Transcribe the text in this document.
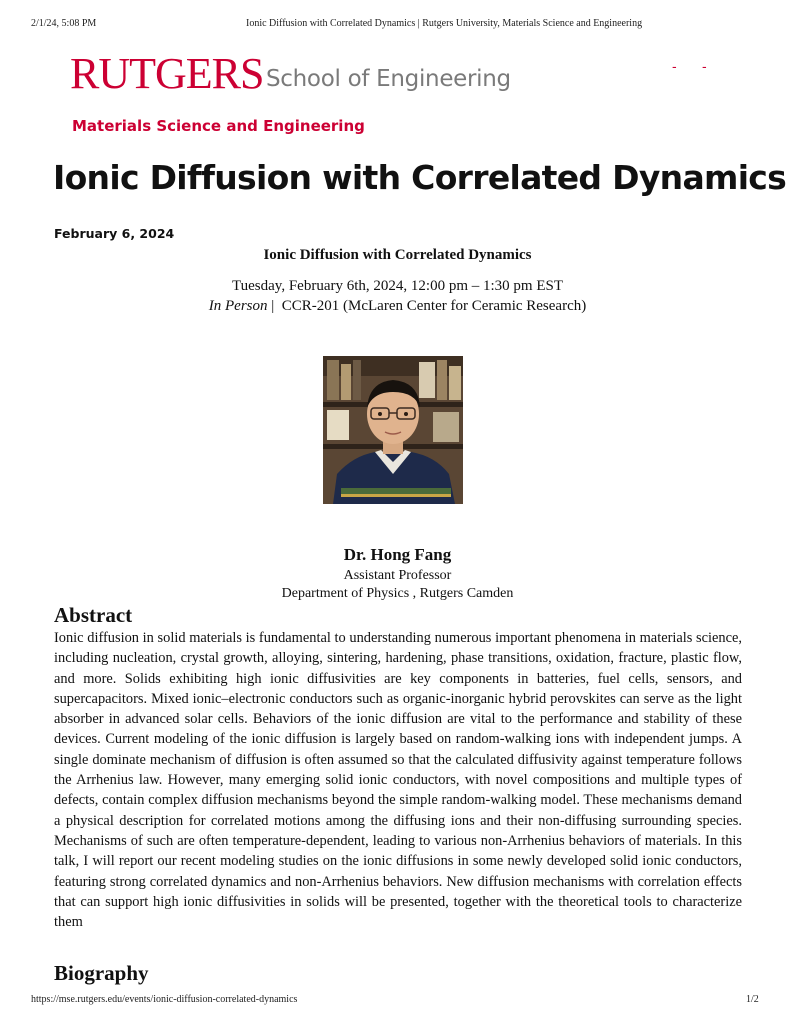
2/1/24, 5:08 PM	Ionic Diffusion with Correlated Dynamics | Rutgers University, Materials Science and Engineering
RUTGERS School of Engineering	- -
Materials Science and Engineering
Ionic Diffusion with Correlated Dynamics
February 6, 2024
Ionic Diffusion with Correlated Dynamics
Tuesday, February 6th, 2024, 12:00 pm – 1:30 pm EST
In Person | CCR-201 (McLaren Center for Ceramic Research)
Dr. Hong Fang
Assistant Professor
Department of Physics , Rutgers Camden
Abstract
Ionic diffusion in solid materials is fundamental to understanding numerous important phenomena in materials science, including nucleation, crystal growth, alloying, sintering, hardening, phase transitions, oxidation, fracture, plastic flow, and more. Solids exhibiting high ionic diffusivities are key components in batteries, fuel cells, sensors, and supercapacitors. Mixed ionic–electronic conductors such as organic-inorganic hybrid perovskites can serve as the light absorber in advanced solar cells. Behaviors of the ionic diffusion are vital to the performance and stability of these devices. Current modeling of the ionic diffusion is largely based on random-walking ions with independent jumps. A single dominate mechanism of diffusion is often assumed so that the calculated diffusivity against temperature follows the Arrhenius law. However, many emerging solid ionic conductors, with novel compositions and multiple types of defects, contain complex diffusion mechanisms beyond the simple random-walking model. These mechanisms demand a physical description for correlated motions among the diffusing ions and their non-diffusing surrounding species. Mechanisms of such are often temperature-dependent, leading to various non-Arrhenius behaviors of materials. In this talk, I will report our recent modeling studies on the ionic diffusions in some newly developed solid ionic conductors, featuring strong correlated dynamics and non-Arrhenius behaviors. New diffusion mechanisms with correlation effects that can support high ionic diffusivities in solids will be presented, together with the theoretical tools to characterize them
Biography
https://mse.rutgers.edu/events/ionic-diffusion-correlated-dynamics	1/2
